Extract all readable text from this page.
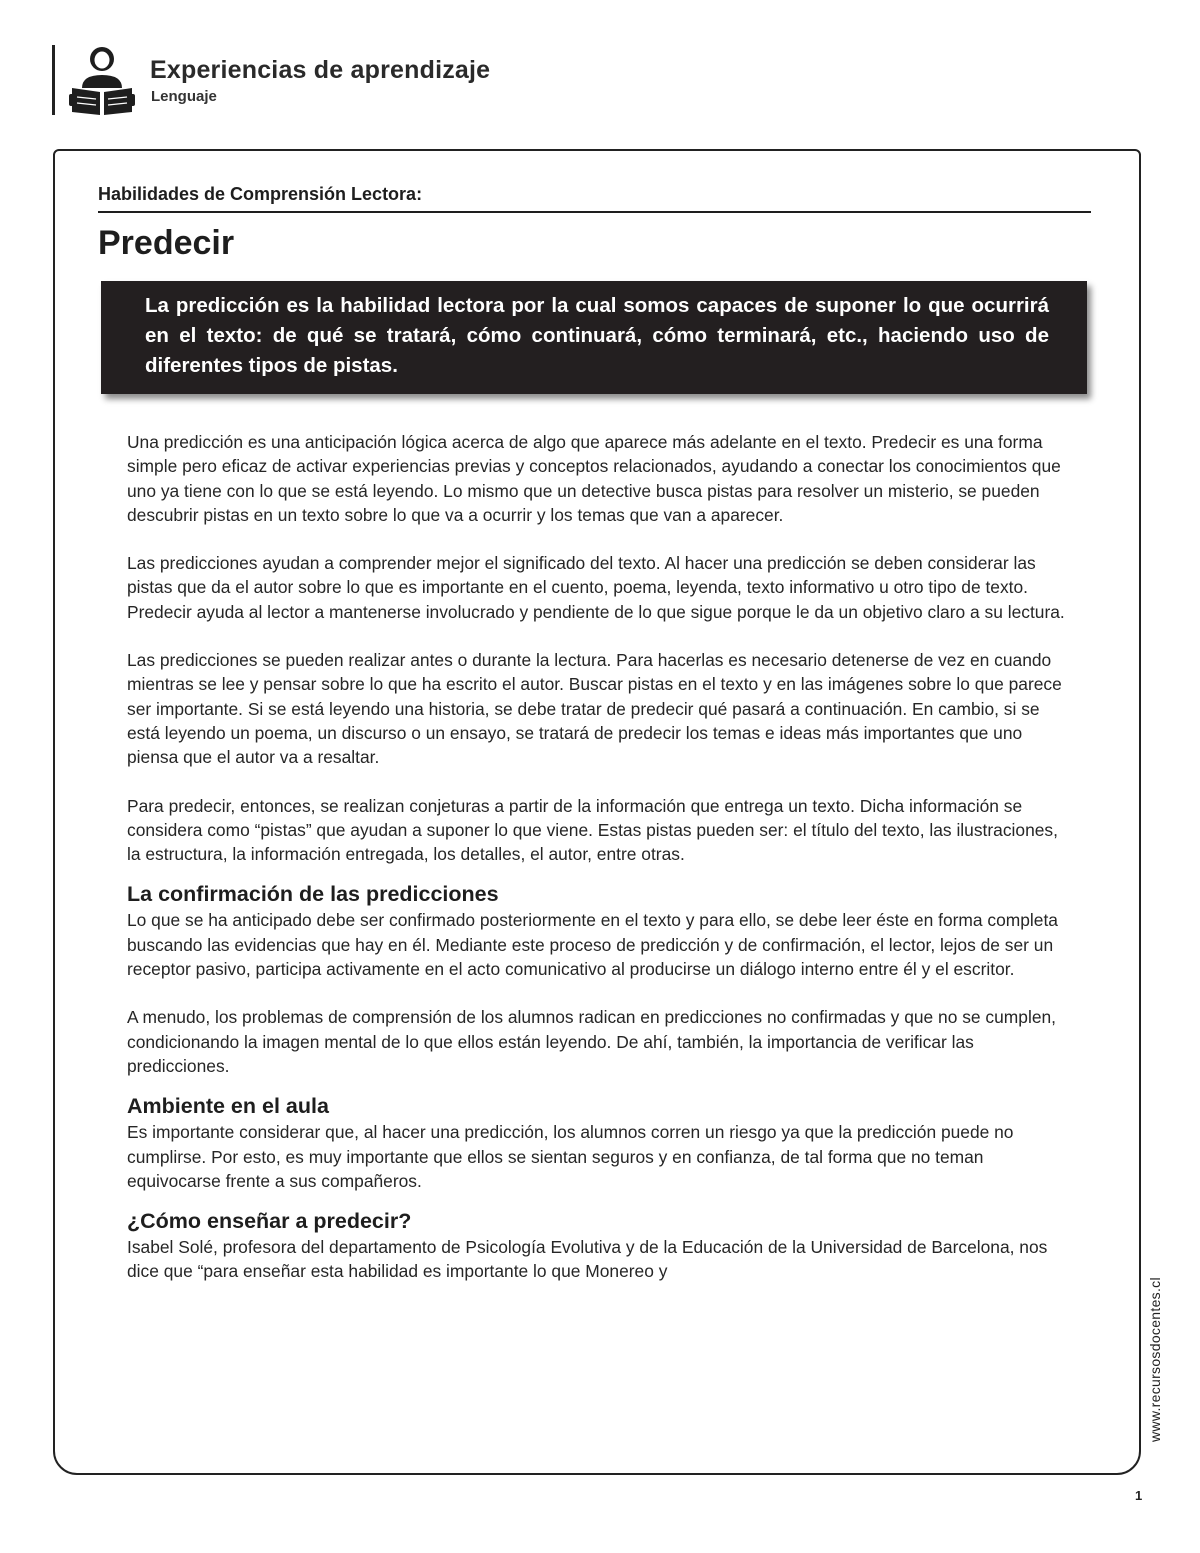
Experiencias de aprendizaje
Lenguaje
Habilidades de Comprensión Lectora:
Predecir
La predicción es la habilidad lectora por la cual somos capaces de suponer lo que ocurrirá en el texto: de qué se tratará, cómo continuará, cómo terminará, etc., haciendo uso de diferentes tipos de pistas.

Una predicción es una anticipación lógica acerca de algo que aparece más adelante en el texto. Predecir es una forma simple pero eficaz de activar experiencias previas y conceptos relacionados, ayudando a conectar los conocimientos que uno ya tiene con lo que se está leyendo. Lo mismo que un detective busca pistas para resolver un misterio, se pueden descubrir pistas en un texto sobre lo que va a ocurrir y los temas que van a aparecer.

Las predicciones ayudan a comprender mejor el significado del texto. Al hacer una predicción se deben considerar las pistas que da el autor sobre lo que es importante en el cuento, poema, leyenda, texto informativo u otro tipo de texto. Predecir ayuda al lector a mantenerse involucrado y pendiente de lo que sigue porque le da un objetivo claro a su lectura.

Las predicciones se pueden realizar antes o durante la lectura. Para hacerlas es necesario detenerse de vez en cuando mientras se lee y pensar sobre lo que ha escrito el autor. Buscar pistas en el texto y en las imágenes sobre lo que parece ser importante. Si se está leyendo una historia, se debe tratar de predecir qué pasará a continuación. En cambio, si se está leyendo un poema, un discurso o un ensayo, se tratará de predecir los temas e ideas más importantes que uno piensa que el autor va a resaltar.

Para predecir, entonces, se realizan conjeturas a partir de la información que entrega un texto. Dicha información se considera como “pistas” que ayudan a suponer lo que viene. Estas pistas pueden ser: el título del texto, las ilustraciones, la estructura, la información entregada, los detalles, el autor, entre otras.

La confirmación de las predicciones

Lo que se ha anticipado debe ser confirmado posteriormente en el texto y para ello, se debe leer éste en forma completa buscando las evidencias que hay en él. Mediante este proceso de predicción y de confirmación, el lector, lejos de ser un receptor pasivo, participa activamente en el acto comunicativo al producirse un diálogo interno entre él y el escritor.

A menudo, los problemas de comprensión de los alumnos radican en predicciones no confirmadas y que no se cumplen, condicionando la imagen mental de lo que ellos están leyendo. De ahí, también, la importancia de verificar las predicciones.

Ambiente en el aula

Es importante considerar que, al hacer una predicción, los alumnos corren un riesgo ya que la predicción puede no cumplirse. Por esto, es muy importante que ellos se sientan seguros y en confianza, de tal forma que no teman equivocarse frente a sus compañeros.

¿Cómo enseñar a predecir?

Isabel Solé, profesora del departamento de Psicología Evolutiva y de la Educación de la Universidad de Barcelona, nos dice que “para enseñar esta habilidad es importante lo que Monereo y

www.recursosdocentes.cl
1
